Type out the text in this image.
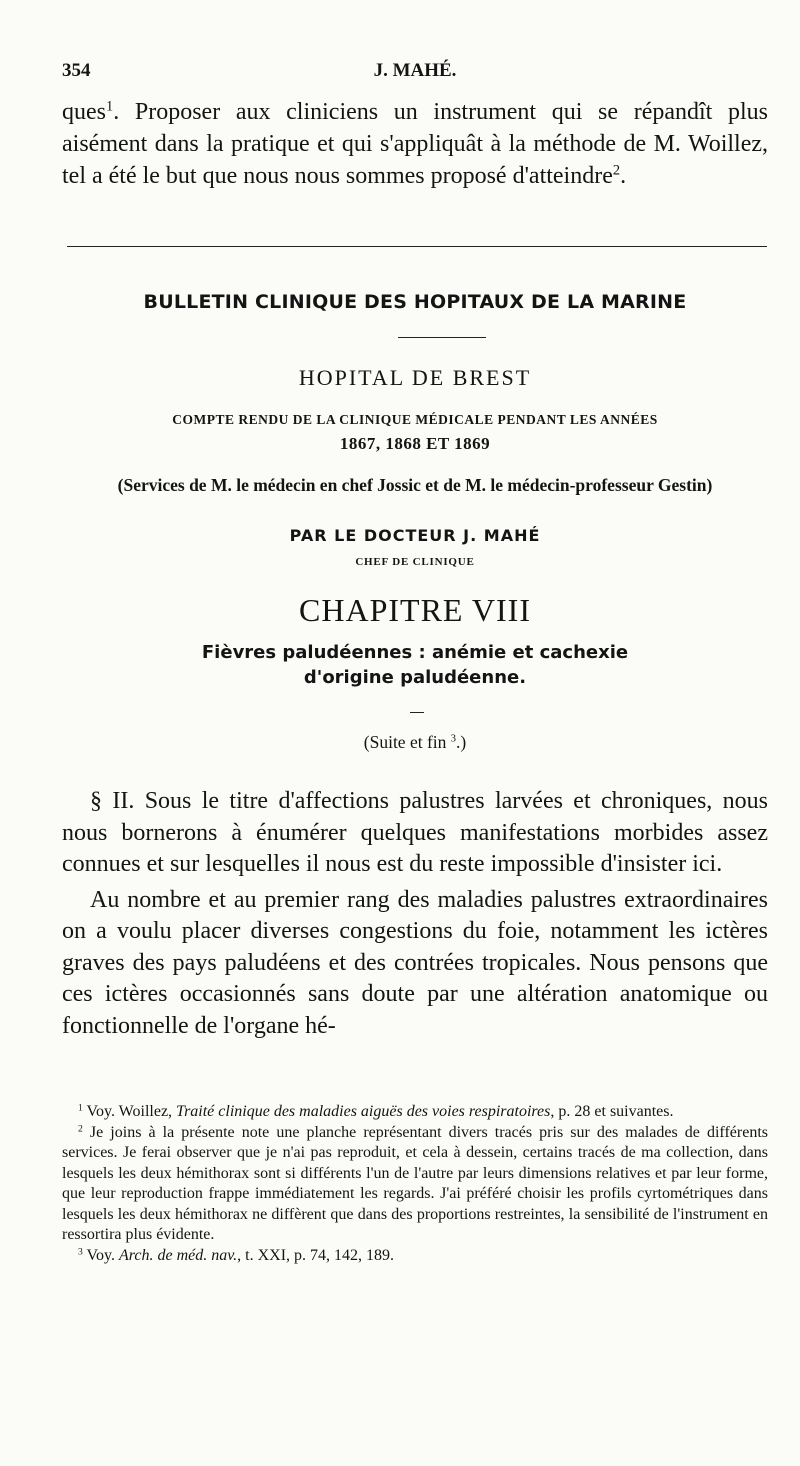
354	J. MAHÉ.

ques$^1$. Proposer aux cliniciens un instrument qui se répandît plus aisément dans la pratique et qui s'appliquât à la méthode de M. Woillez, tel a été le but que nous nous sommes proposé d'atteindre$^2$.

BULLETIN CLINIQUE DES HOPITAUX DE LA MARINE
HOPITAL DE BREST
COMPTE RENDU DE LA CLINIQUE MÉDICALE PENDANT LES ANNÉES
1867, 1868 ET 1869
(Services de M. le médecin en chef Jossic et de M. le médecin-professeur Gestin)
PAR LE DOCTEUR J. MAHÉ
CHEF DE CLINIQUE
CHAPITRE VIII
Fièvres paludéennes : anémie et cachexie
d'origine paludéenne.
(Suite et fin $^3$.)

§ II. Sous le titre d'affections palustres larvées et chroniques, nous nous bornerons à énumérer quelques manifestations morbides assez connues et sur lesquelles il nous est du reste impossible d'insister ici.

Au nombre et au premier rang des maladies palustres extraordinaires on a voulu placer diverses congestions du foie, notamment les ictères graves des pays paludéens et des contrées tropicales. Nous pensons que ces ictères occasionnés sans doute par une altération anatomique ou fonctionnelle de l'organe hé-

$^1$ Voy. Woillez, Traité clinique des maladies aiguës des voies respiratoires, p. 28 et suivantes.

$^2$ Je joins à la présente note une planche représentant divers tracés pris sur des malades de différents services. Je ferai observer que je n'ai pas reproduit, et cela à dessein, certains tracés de ma collection, dans lesquels les deux hémithorax sont si différents l'un de l'autre par leurs dimensions relatives et par leur forme, que leur reproduction frappe immédiatement les regards. J'ai préféré choisir les profils cyrtométriques dans lesquels les deux hémithorax ne diffèrent que dans des proportions restreintes, la sensibilité de l'instrument en ressortira plus évidente.

$^3$ Voy. Arch. de méd. nav., t. XXI, p. 74, 142, 189.
